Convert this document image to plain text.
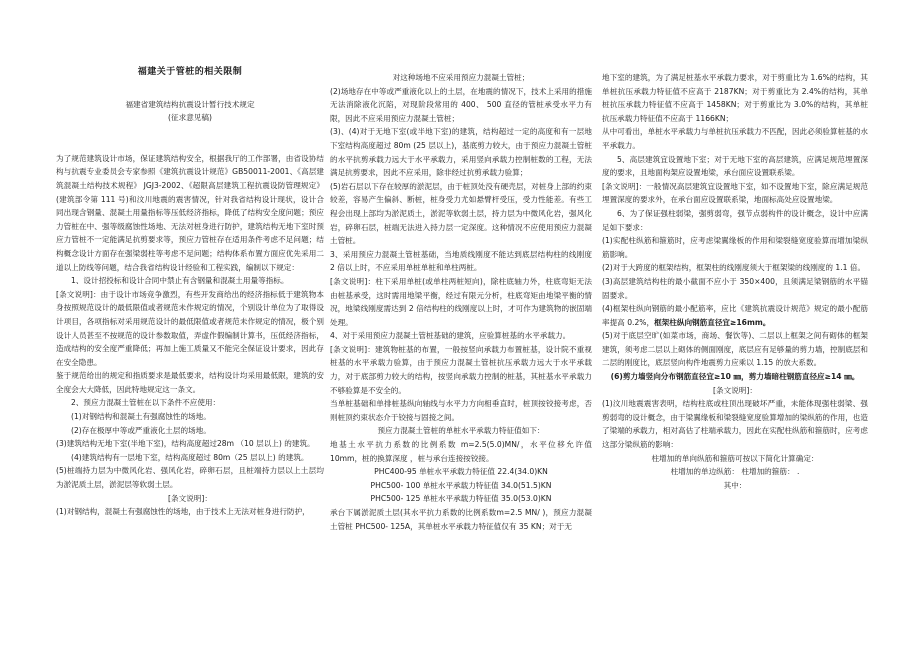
福建关于管桩的相关限制

福建省建筑结构抗震设计暂行技术规定

(征求意见稿)

为了规范建筑设计市场，保证建筑结构安全，根据我厅的工作部署，由省设协结构与抗震专业委员会专家参照《建筑抗震设计规范》GB50011-2001、《高层建筑混凝土结构技术规程》 JGJ3-2002、《超限高层建筑工程抗震设防管理规定》(建筑部令第 111 号)和汶川地震的震害情况，针对我省结构设计现状，设计合同出现含钢量、混凝土用量指标等压低经济指标，降低了结构安全度问题；预应力管桩在中、强等级腐蚀性场地、无法对桩身进行防护，建筑结构无地下室时预应力管桩不一定能满足抗剪要求等，预应力管桩存在适用条件考虑不足问题；结构概念设计方面存在强梁弱柱等考虑不足问题；结构体系布置方面应优先采用二道以上防线等问题，结合我省结构设计经验和工程实践，编制以下规定：

1、设计招投标和设计合同中禁止有含钢量和混凝土用量等指标。

[条文说明]：由于设计市场竞争激烈，有些开发商给出的经济指标低于建筑物本身按照规范设计的最低限值或者规范未作规定的情况，个别设计单位为了取得设计项目，各项指标对采用规范设计的最低限值或者规范未作规定的情况，极个别设计人员甚至不按规范的设计参数取值，弄虚作假编制计算书，压低经济指标，造成结构的安全度严重降低；再加上施工质量又不能完全保证设计要求，因此存在安全隐患。

鉴于规范给出的规定和指质要求是最低要求，结构设计均采用最低限，建筑的安全度会大大降低，因此特地规定这一条文。

2、预应力混凝土管桩在以下条件不应使用：

(1)对钢结构和混凝土有强腐蚀性的场地。

(2)存在极厚中等或严重液化土层的场地。

(3)建筑结构无地下室(半地下室)，结构高度超过28m （10 层以上) 的建筑。

(4)建筑结构有一层地下室，结构高度超过 80m（25 层以上) 的建筑。

(5)桩端持力层为中微风化岩、强风化岩，碎卵石层，且桩端持力层以上土层均为淤泥质土层，淤泥层等软弱土层。

[条文说明]：

(1)对钢结构，混凝土有强腐蚀性的场地，由于技术上无法对桩身进行防护，

对这种场地不应采用预应力混凝土管桩；

(2)场地存在中等或严重液化以上的土层，在地震的情况下，技术上采用的措施无法消除液化沉陷，对现阶段常用的 400、 500 直径的管桩承受水平力有限，因此不应采用预应力混凝土管桩；

(3)、(4)对于无地下室(或半地下室)的建筑，结构超过一定的高度和有一层地下室结构高度超过 80m (25 层以上)，基底剪力较大，由于预应力混凝土管桩的水平抗剪承载力远大于水平承载力，采用竖向承载力控制桩数的工程，无法满足抗剪要求，因此不应采用，除非经过抗剪承载力验算；

(5)岩石层以下存在较厚的淤泥层，由于桩顶处没有硬壳层，对桩身上部的约束较差，容易产生偏斜、断桩，桩身受力尤如悬臂杆受压，受力性能差。有些工程会出现上部均为淤泥质土，淤泥等软弱土层，持力层为中微风化岩，强风化岩，碎卵石层，桩端无法进入持力层一定深度。这种情况不应使用预应力混凝土管桩。

3、采用预应力混凝土管桩基础，当地质线刚度不能达到底层结构柱的线刚度 2 倍以上时，不应采用单桩单桩和单柱两桩。

[条文说明]：柱下采用单桩(或单柱两桩短向)，除柱底轴力外，柱底弯矩无法由桩基承受，这时需用地梁平衡，经过有限元分析，柱底弯矩由地梁平衡的情况，地梁线刚度需达到 2 倍结构柱的线刚度以上时，才可作为建筑物的嵌固端处理。

4、对于采用预应力混凝土管桩基础的建筑，应验算桩基的水平承载力。

[条文说明]：建筑物桩基的布置，一般按竖向承载力布置桩基，设计院不重视桩基的水平承载力验算，由于预应力混凝土管桩抗压承载力远大于水平承载力，对于底部剪力较大的结构，按竖向承载力控制的桩基，其桩基水平承载力不够验算是不安全的。

当单桩基础和单排桩基纵向轴线与水平力方向相垂直时，桩顶按铰接考虑，否则桩顶约束状态介于铰接与固接之间。

预应力混凝土管桩的单桩水平承载力特征值如下：

地基土水平抗力系数的比例系数 m=2.5(5.0)MN/，水平位移允许值 10mm，桩的换算深度 ，桩与承台连接按铰接。

PHC400-95 单桩水平承载力特征值 22.4(34.0)KN

PHC500- 100 单桩水平承载力特征值 34.0(51.5)KN

PHC500- 125 单桩水平承载力特征值 35.0(53.0)KN

承台下属淤泥质土层(其水平抗力系数的比例系数m=2.5 MN/ )，预应力混凝土管桩 PHC500- 125A，其单桩水平承载力特征值仅有 35 KN；对于无

地下室的建筑，为了满足桩基水平承载力要求，对于剪重比为 1.6%的结构，其单桩抗压承载力特征值不应高于 2187KN；对于剪重比为 2.4%的结构，其单桩抗压承载力特征值不应高于 1458KN；对于剪重比为 3.0%的结构，其单桩抗压承载力特征值不应高于 1166KN；

从中可看出，单桩水平承载力与单桩抗压承载力不匹配，因此必须验算桩基的水平承载力。

5、高层建筑宜设置地下室；对于无地下室的高层建筑，应满足规范埋置深度的要求，且地面构架应设置地梁，承台面应设置联系梁。

[条文说明]：一般情况高层建筑宜设置地下室，如不设置地下室，除应满足规范埋置深度的要求外，在承台面应设置联系梁，地面标高处应设置地梁。

6、为了保证强柱弱梁，强剪弱弯，强节点弱构件的设计概念，设计中应满足如下要求：

(1)实配柱纵筋和箍筋时，应考虑梁翼缘板的作用和梁裂缝宽度验算而增加梁纵筋影响。

(2)对于大跨度的框架结构，框架柱的线刚度须大于框架梁的线刚度的 1.1 倍。

(3)高层建筑结构柱的最小截面不应小于 350×400，且须满足梁钢筋的水平锚固要求。

(4)框架柱纵向钢筋的最小配筋率，应比《建筑抗震设计规范》规定的最小配筋率提高 0.2%，框架柱纵向钢筋直径宜≥16mm。

(5)对于底层空旷(如菜市场，商场、餐饮等)、二层以上框架之间有砌体的框架建筑，须考虑二层以上砌体的侧面刚度，底层应有足够量的剪力墙，控制底层和二层的刚度比，底层竖向构件地震剪力应乘以 1.15 的放大系数。

(6)剪力墙竖向分布钢筋直径宜≥10 ㎜，剪力墙暗柱钢筋直径应≥14 ㎜。

[条文说明]：

(1)汶川地震震害表明，结构柱底或柱顶出现破坏严重，未能体现强柱弱梁、强剪弱弯的设计概念，由于梁翼缘板和梁裂缝宽度验算增加的梁纵筋的作用，也造了梁端的承载力，相对高估了柱端承载力，因此在实配柱纵筋和箍筋时，应考虑这部分梁纵筋的影响：

柱增加的单向纵筋和箍筋可按以下简化计算确定：

柱增加的单边纵筋： 柱增加的箍筋： .

其中：
